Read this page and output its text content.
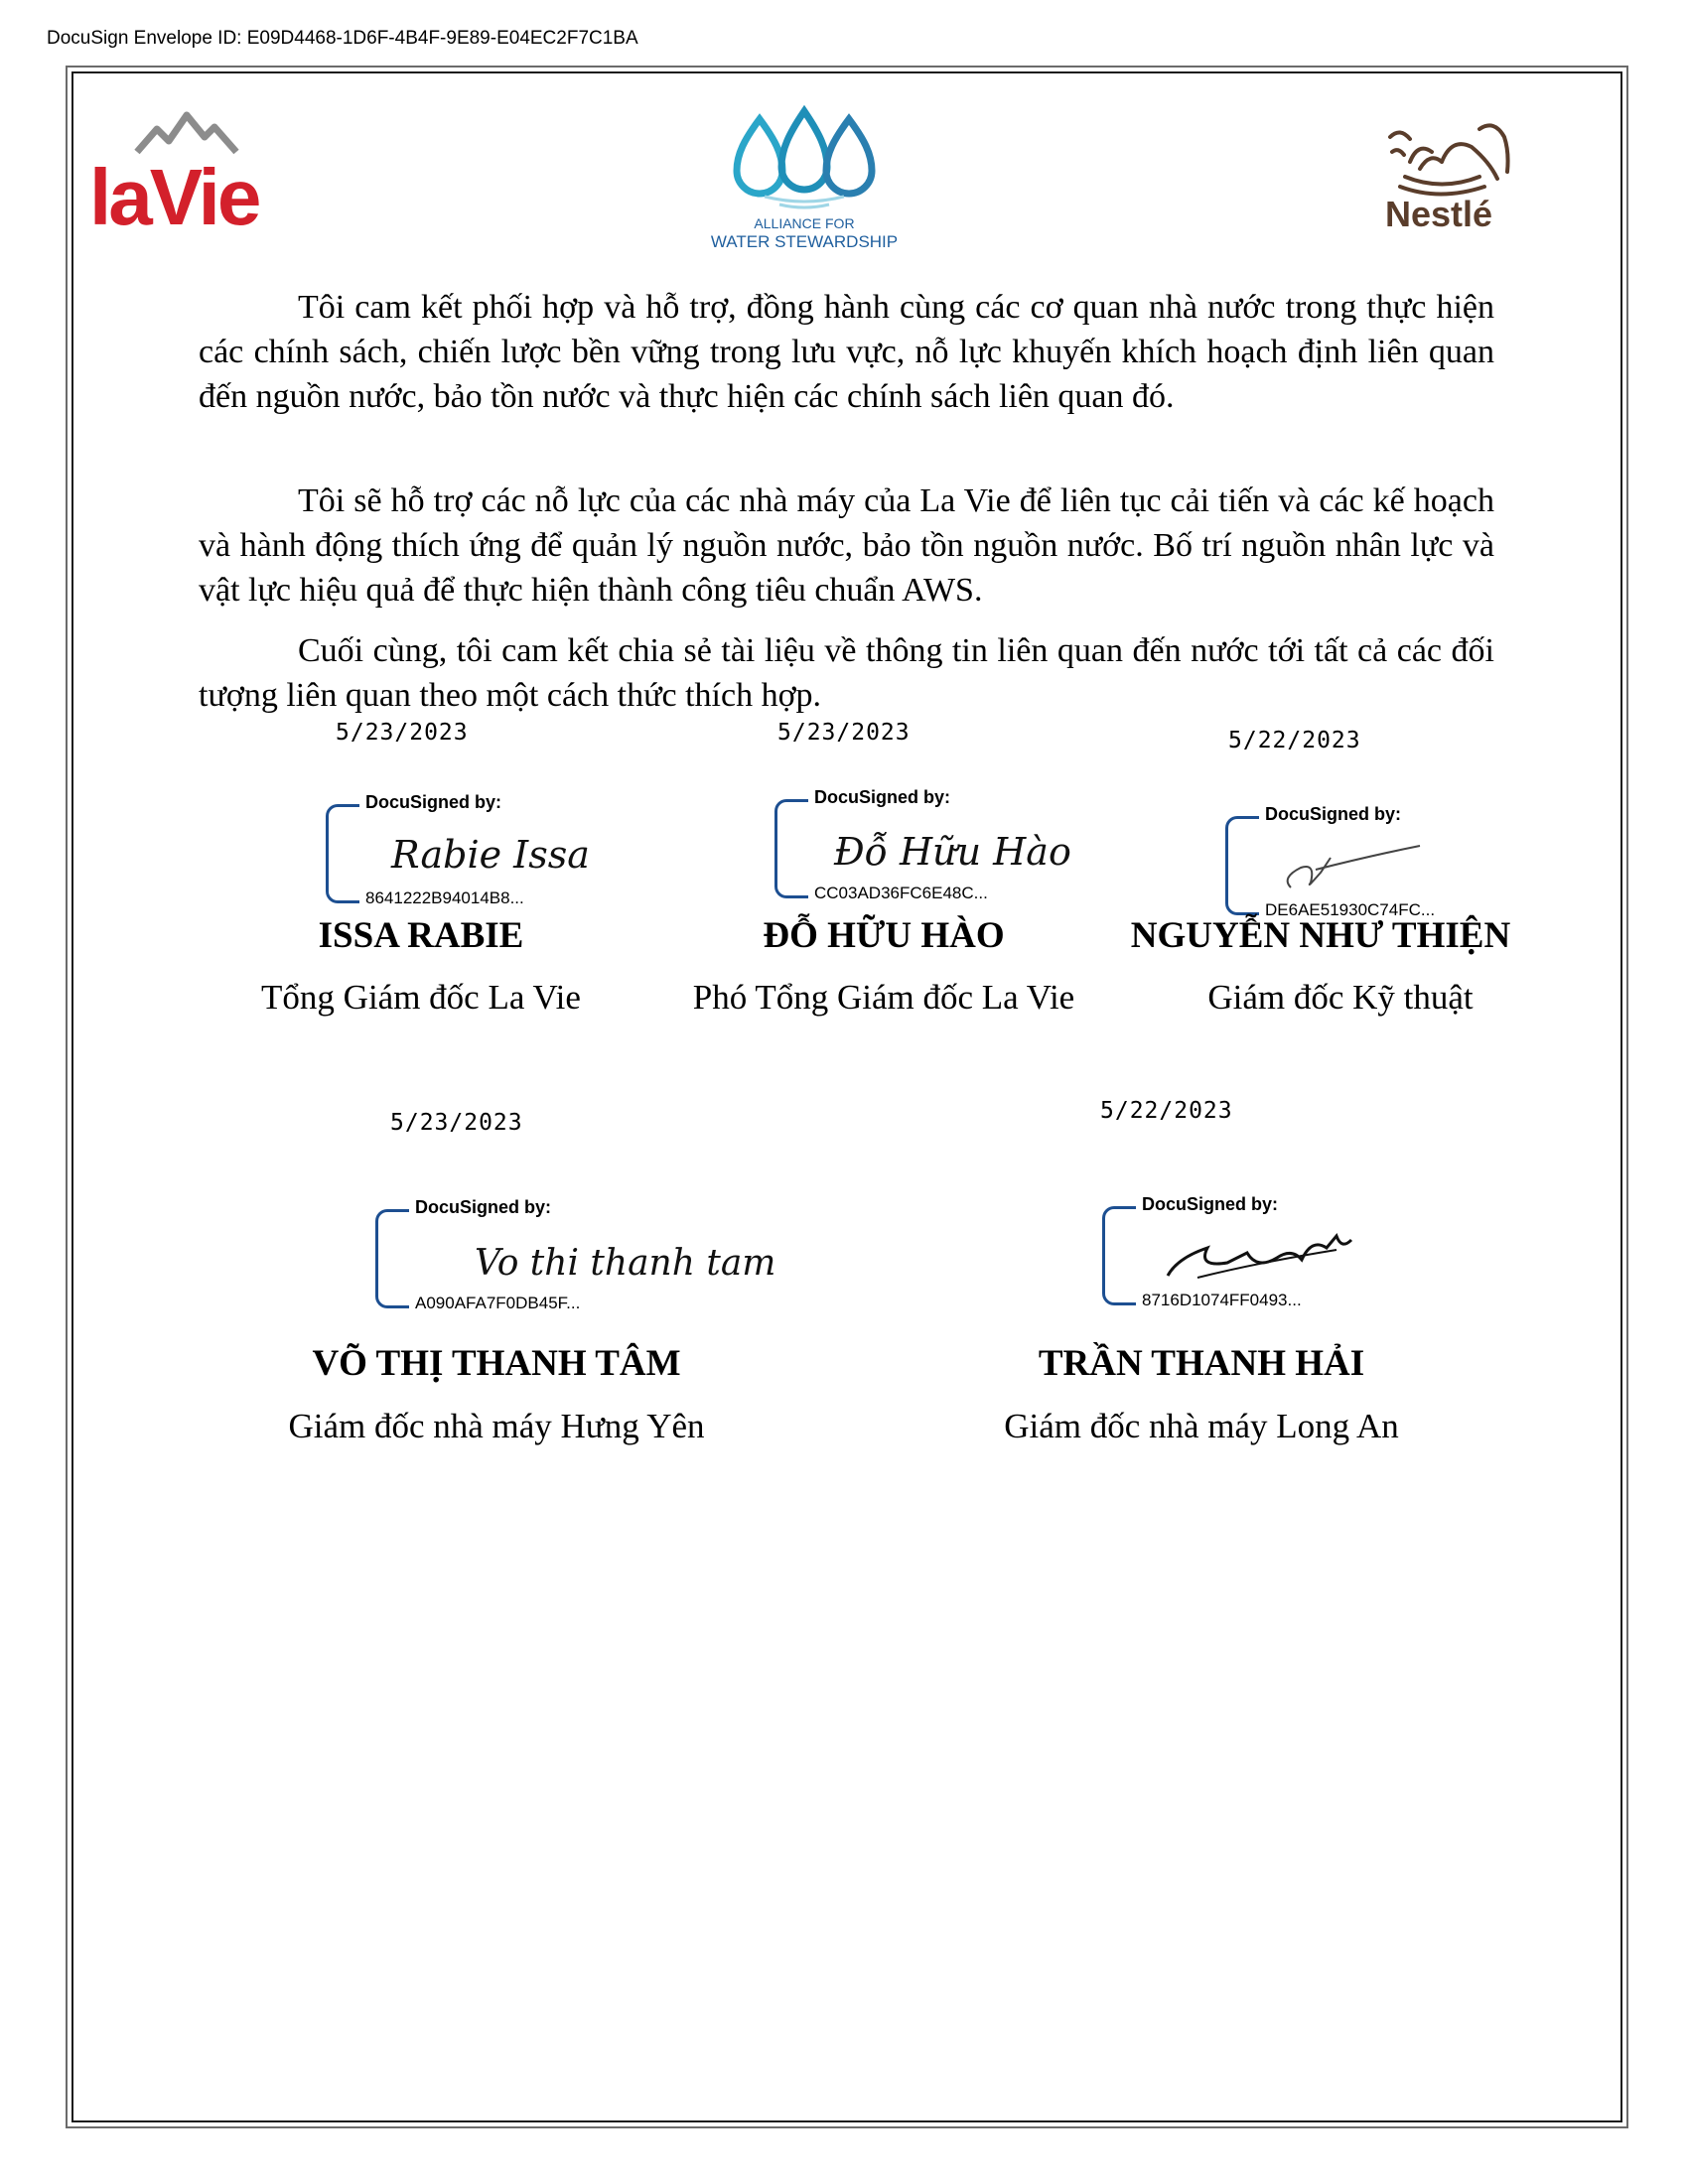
DocuSign Envelope ID: E09D4468-1D6F-4B4F-9E89-E04EC2F7C1BA
laVie	ALLIANCE FOR
WATER STEWARDSHIP
Nestlé

Tôi cam kết phối hợp và hỗ trợ, đồng hành cùng các cơ quan nhà nước trong thực hiện các chính sách, chiến lược bền vững trong lưu vực, nỗ lực khuyến khích hoạch định liên quan đến nguồn nước, bảo tồn nước và thực hiện các chính sách liên quan đó.

Tôi sẽ hỗ trợ các nỗ lực của các nhà máy của La Vie để liên tục cải tiến và các kế hoạch và hành động thích ứng để quản lý nguồn nước, bảo tồn nguồn nước. Bố trí nguồn nhân lực và vật lực hiệu quả để thực hiện thành công tiêu chuẩn AWS.

Cuối cùng, tôi cam kết chia sẻ tài liệu về thông tin liên quan đến nước tới tất cả các đối tượng liên quan theo một cách thức thích hợp.

5/23/2023
DocuSigned by:
Rabie Issa
8641222B94014B8...
ISSA RABIE
Tổng Giám đốc La Vie
5/23/2023
DocuSigned by:
Đỗ Hữu Hào
CC03AD36FC6E48C...
ĐỖ HỮU HÀO
Phó Tổng Giám đốc La Vie
5/22/2023
DocuSigned by:
DE6AE51930C74FC...
NGUYỄN NHƯ THIỆN
Giám đốc Kỹ thuật
5/23/2023
DocuSigned by:
Vo thi thanh tam
A090AFA7F0DB45F...
VÕ THỊ THANH TÂM
Giám đốc nhà máy Hưng Yên
5/22/2023
DocuSigned by:
8716D1074FF0493...
TRẦN THANH HẢI
Giám đốc nhà máy Long An
